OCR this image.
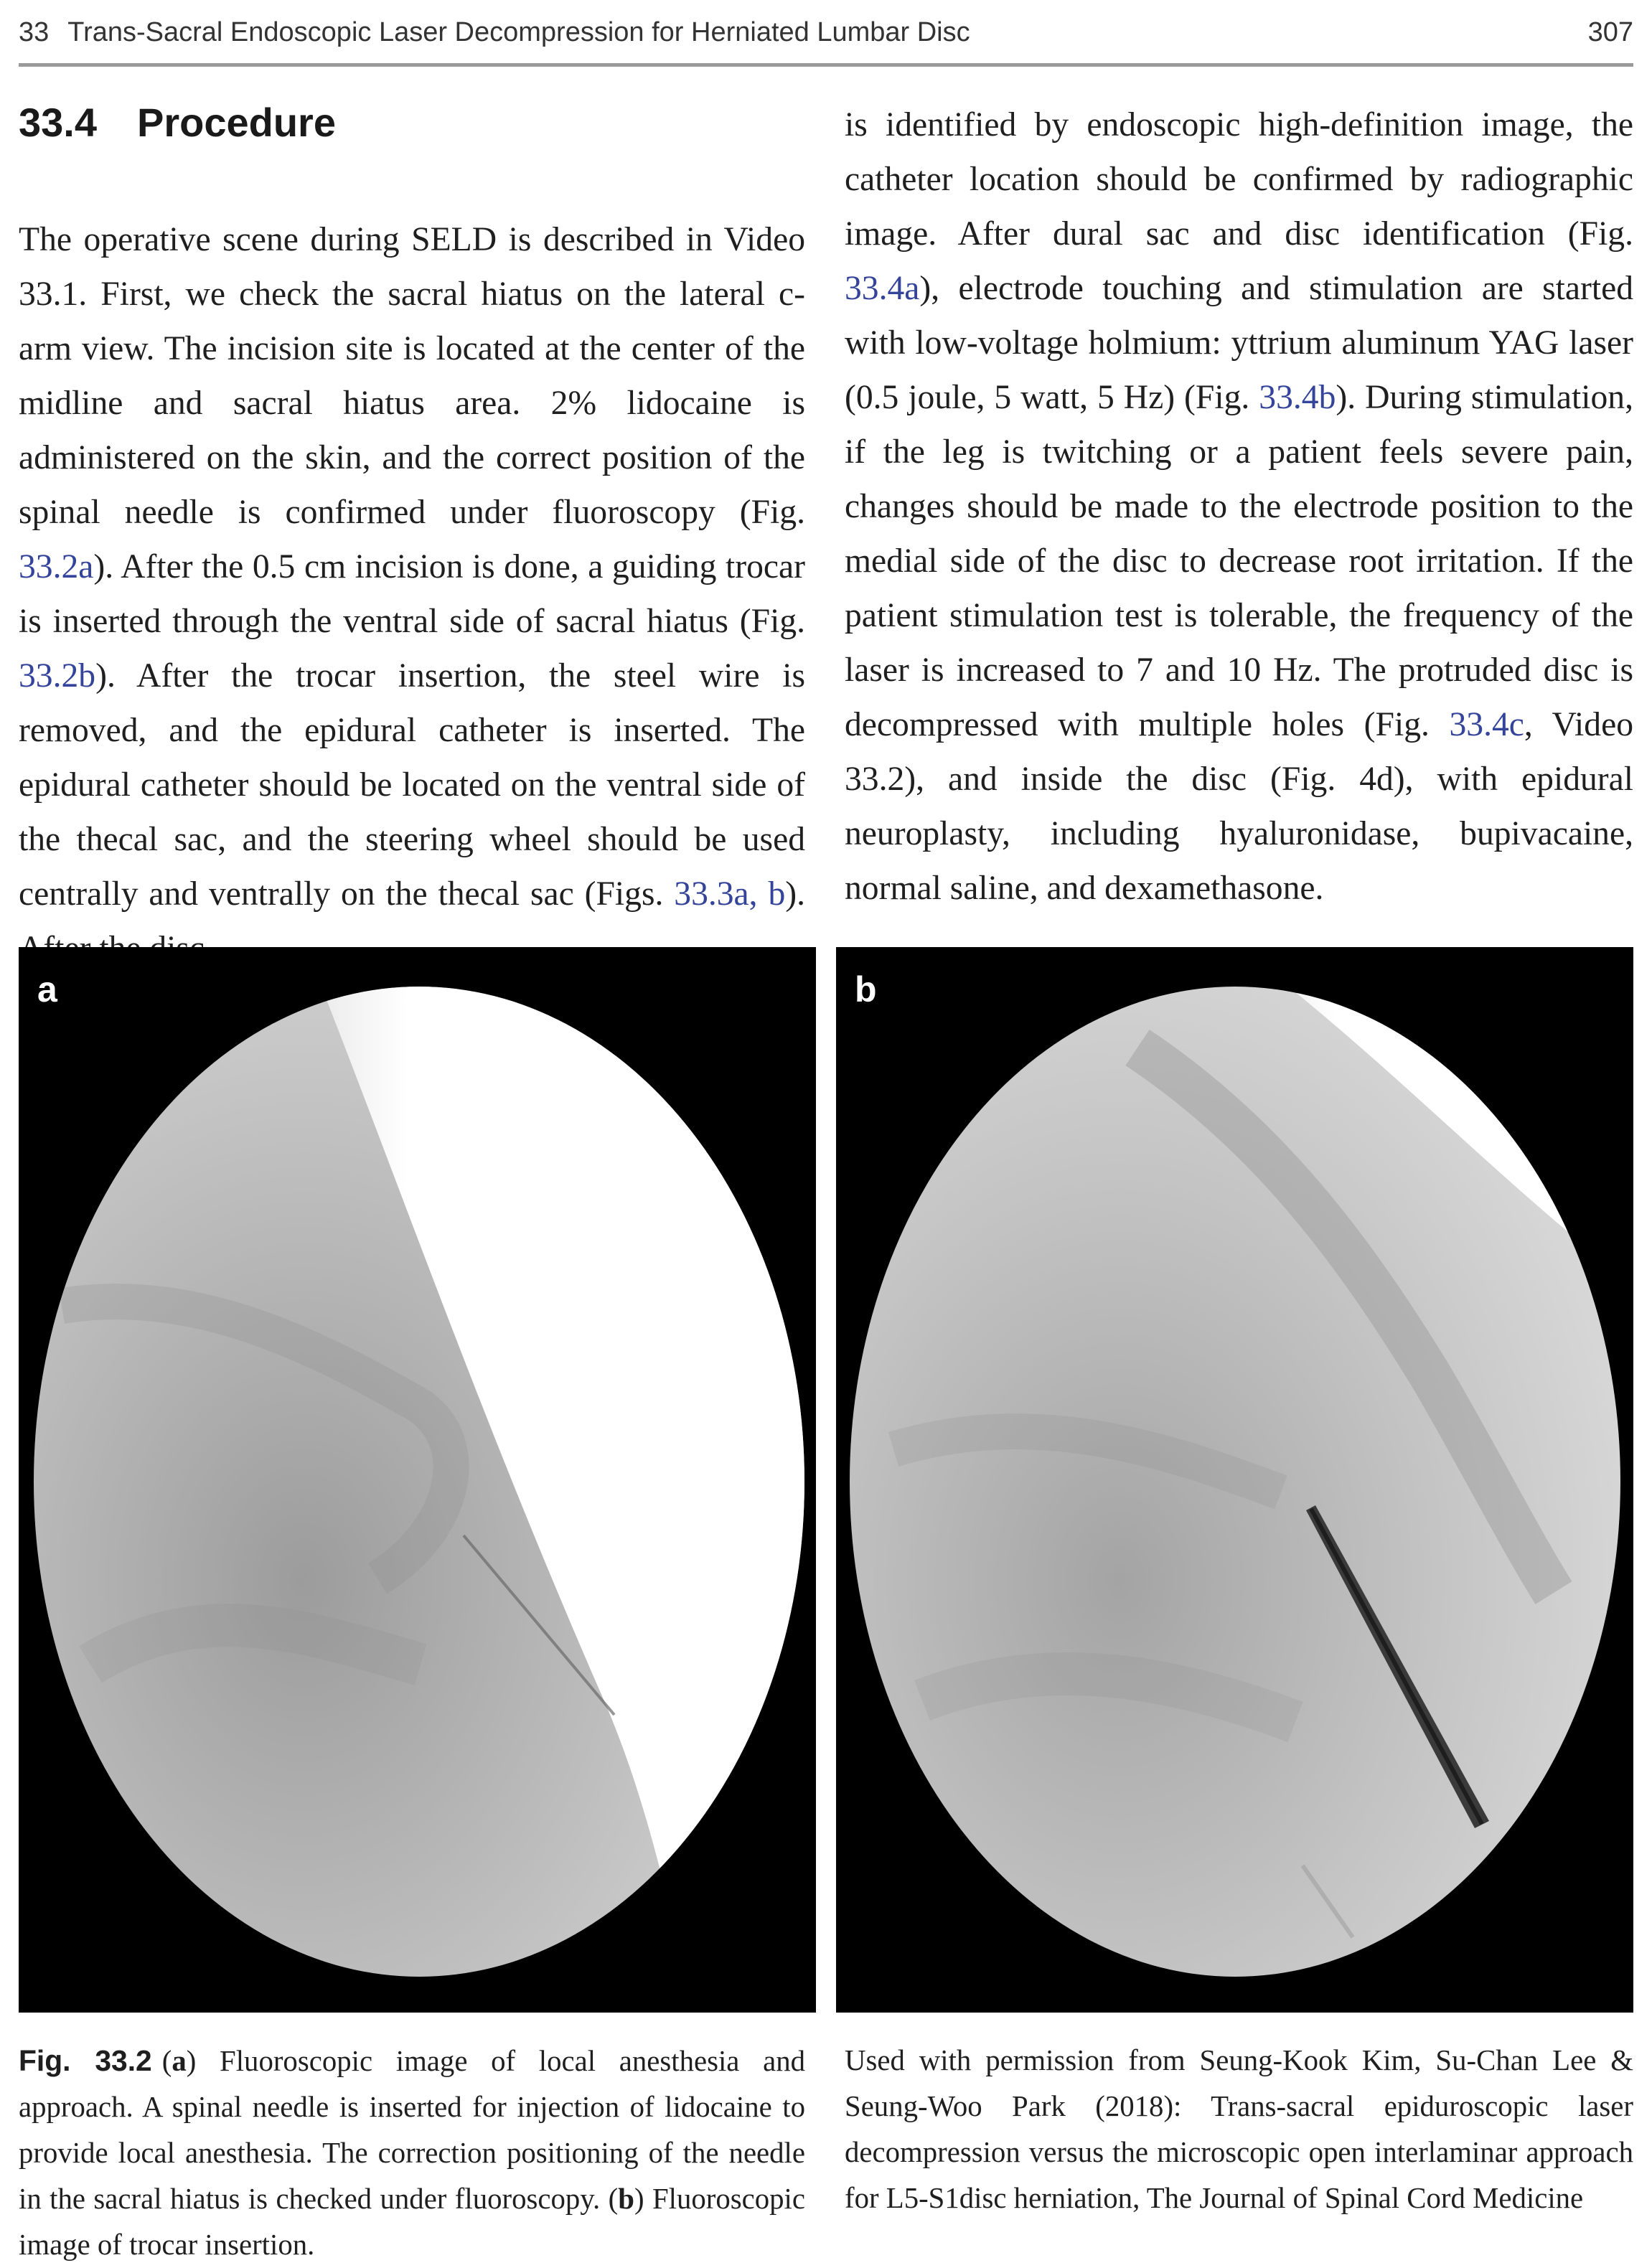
33 Trans-Sacral Endoscopic Laser Decompression for Herniated Lumbar Disc	307
33.4 Procedure
The operative scene during SELD is described in Video 33.1. First, we check the sacral hiatus on the lateral c-arm view. The incision site is located at the center of the midline and sacral hiatus area. 2% lidocaine is administered on the skin, and the correct position of the spinal needle is confirmed under fluoroscopy (Fig. 33.2a). After the 0.5 cm incision is done, a guiding trocar is inserted through the ventral side of sacral hiatus (Fig. 33.2b). After the trocar insertion, the steel wire is removed, and the epidural catheter is inserted. The epidural catheter should be located on the ventral side of the thecal sac, and the steering wheel should be used centrally and ventrally on the thecal sac (Figs. 33.3a, b).
is identified by endoscopic high-definition image, the catheter location should be confirmed by radiographic image. After dural sac and disc identification (Fig. 33.4a), electrode touching and stimulation are started with low-voltage holmium: yttrium aluminum YAG laser (0.5 joule, 5 watt, 5 Hz) (Fig. 33.4b). During stimulation, if the leg is twitching or a patient feels severe pain, changes should be made to the electrode position to the medial side of the disc to decrease root irritation. If the patient stimulation test is tolerable, the frequency of the laser is increased to 7 and 10 Hz. The protruded disc is decompressed with multiple holes (Fig. 33.4c, Video 33.2), and inside the disc (Fig. 4d), with epidural neuroplasty, including hyaluronidase, bupivacaine, normal saline, and dexamethasone.
a	b
Fig. 33.2 (a) Fluoroscopic image of local anesthesia and approach. A spinal needle is inserted for injection of lidocaine to provide local anesthesia. The correction positioning of the needle in the sacral hiatus is checked under fluoroscopy. (b) Fluoroscopic image of trocar insertion.
Used with permission from Seung-Kook Kim, Su-Chan Lee & Seung-Woo Park (2018): Trans-sacral epiduroscopic laser decompression versus the microscopic open interlaminar approach for L5-S1disc herniation, The Journal of Spinal Cord Medicine
